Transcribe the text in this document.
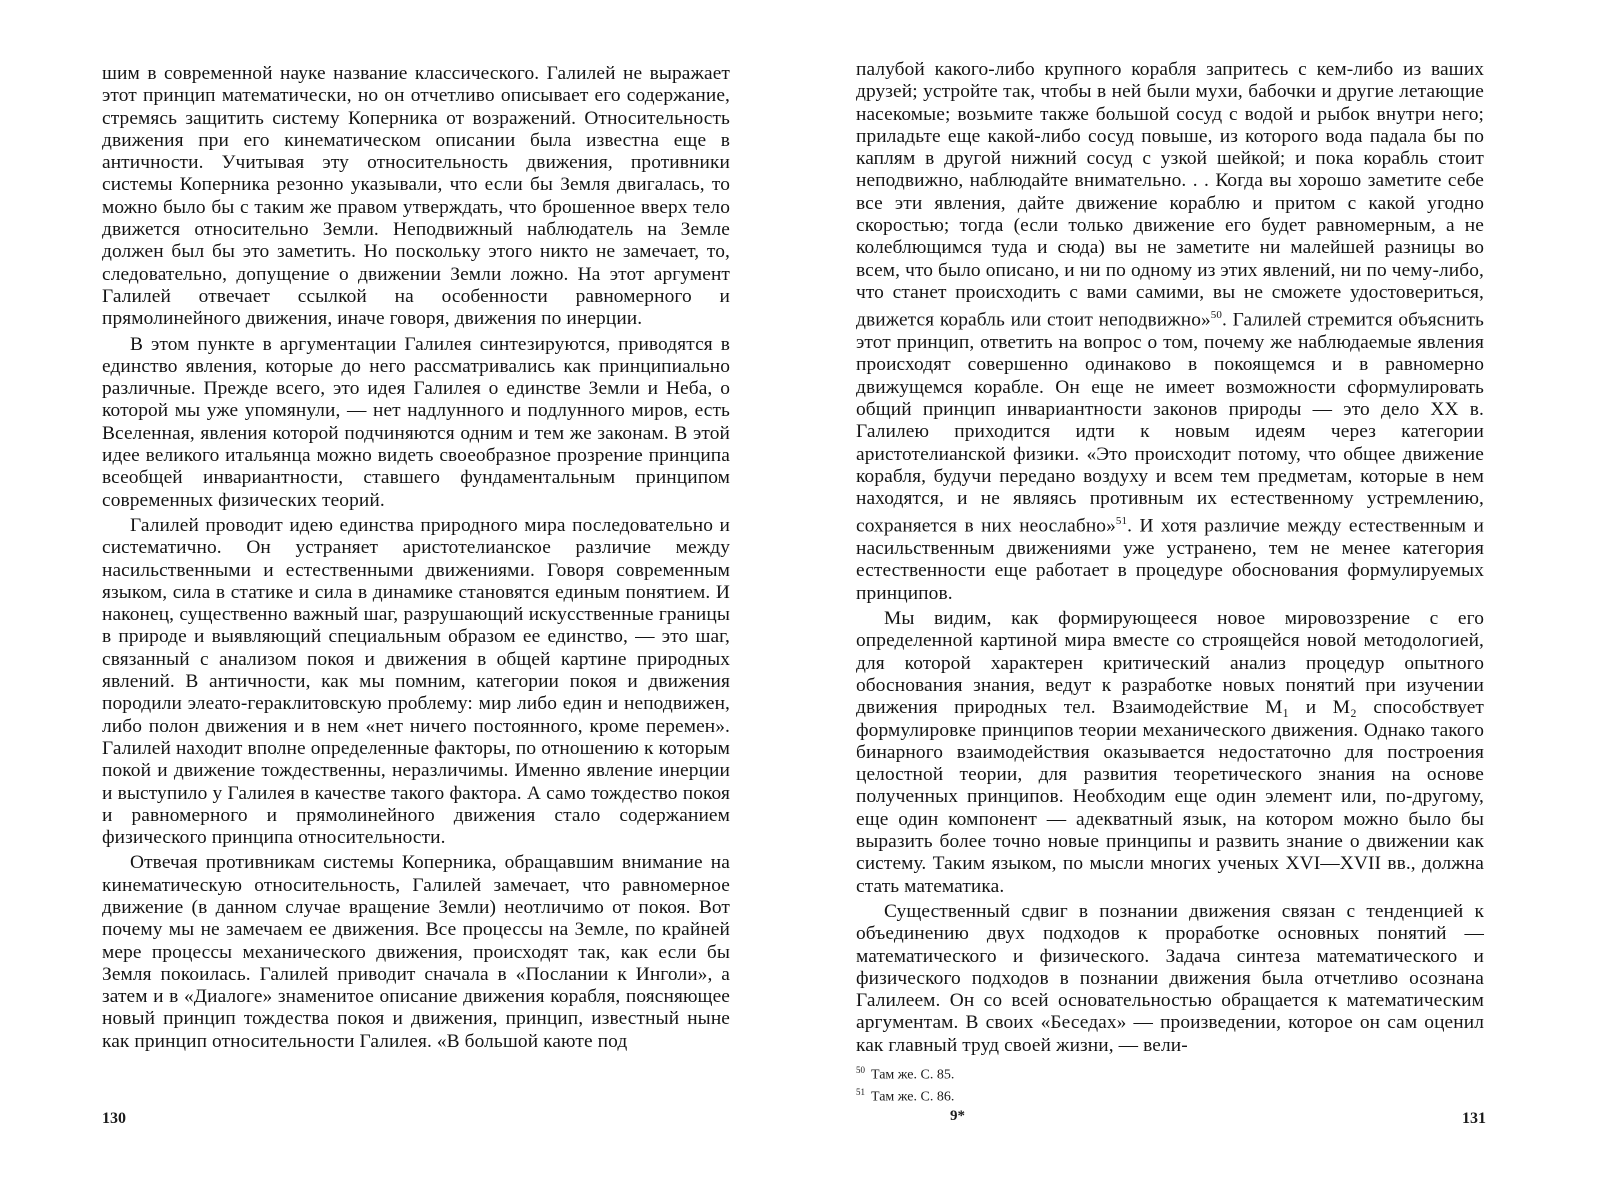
шим в современной науке название классического. Галилей не выражает этот принцип математически, но он отчетливо описывает его содержание, стремясь защитить систему Коперника от возражений. Относительность движения при его кинематическом описании была известна еще в античности. Учитывая эту относительность движения, противники системы Коперника резонно указывали, что если бы Земля двигалась, то можно было бы с таким же правом утверждать, что брошенное вверх тело движется относительно Земли. Неподвижный наблюдатель на Земле должен был бы это заметить. Но поскольку этого никто не замечает, то, следовательно, допущение о движении Земли ложно. На этот аргумент Галилей отвечает ссылкой на особенности равномерного и прямолинейного движения, иначе говоря, движения по инерции.

В этом пункте в аргументации Галилея синтезируются, приводятся в единство явления, которые до него рассматривались как принципиально различные. Прежде всего, это идея Галилея о единстве Земли и Неба, о которой мы уже упомянули, — нет надлунного и подлунного миров, есть Вселенная, явления которой подчиняются одним и тем же законам. В этой идее великого итальянца можно видеть своеобразное прозрение принципа всеобщей инвариантности, ставшего фундаментальным принципом современных физических теорий.

Галилей проводит идею единства природного мира последовательно и систематично. Он устраняет аристотелианское различие между насильственными и естественными движениями. Говоря современным языком, сила в статике и сила в динамике становятся единым понятием. И наконец, существенно важный шаг, разрушающий искусственные границы в природе и выявляющий специальным образом ее единство, — это шаг, связанный с анализом покоя и движения в общей картине природных явлений. В античности, как мы помним, категории покоя и движения породили элеато-гераклитовскую проблему: мир либо един и неподвижен, либо полон движения и в нем «нет ничего постоянного, кроме перемен». Галилей находит вполне определенные факторы, по отношению к которым покой и движение тождественны, неразличимы. Именно явление инерции и выступило у Галилея в качестве такого фактора. А само тождество покоя и равномерного и прямолинейного движения стало содержанием физического принципа относительности.

Отвечая противникам системы Коперника, обращавшим внимание на кинематическую относительность, Галилей замечает, что равномерное движение (в данном случае вращение Земли) неотличимо от покоя. Вот почему мы не замечаем ее движения. Все процессы на Земле, по крайней мере процессы механического движения, происходят так, как если бы Земля покоилась. Галилей приводит сначала в «Послании к Инголи», а затем и в «Диалоге» знаменитое описание движения корабля, поясняющее новый принцип тождества покоя и движения, принцип, известный ныне как принцип относительности Галилея. «В большой каюте под

130

палубой какого-либо крупного корабля запритесь с кем-либо из ваших друзей; устройте так, чтобы в ней были мухи, бабочки и другие летающие насекомые; возьмите также большой сосуд с водой и рыбок внутри него; приладьте еще какой-либо сосуд повыше, из которого вода падала бы по каплям в другой нижний сосуд с узкой шейкой; и пока корабль стоит неподвижно, наблюдайте внимательно. . . Когда вы хорошо заметите себе все эти явления, дайте движение кораблю и притом с какой угодно скоростью; тогда (если только движение его будет равномерным, а не колеблющимся туда и сюда) вы не заметите ни малейшей разницы во всем, что было описано, и ни по одному из этих явлений, ни по чему-либо, что станет происходить с вами самими, вы не сможете удостовериться, движется корабль или стоит неподвижно»$^{50}$. Галилей стремится объяснить этот принцип, ответить на вопрос о том, почему же наблюдаемые явления происходят совершенно одинаково в покоящемся и в равномерно движущемся корабле. Он еще не имеет возможности сформулировать общий принцип инвариантности законов природы — это дело XX в. Галилею приходится идти к новым идеям через категории аристотелианской физики. «Это происходит потому, что общее движение корабля, будучи передано воздуху и всем тем предметам, которые в нем находятся, и не являясь противным их естественному устремлению, сохраняется в них неослабно»$^{51}$. И хотя различие между естественным и насильственным движениями уже устранено, тем не менее категория естественности еще работает в процедуре обоснования формулируемых принципов.

Мы видим, как формирующееся новое мировоззрение с его определенной картиной мира вместе со строящейся новой методологией, для которой характерен критический анализ процедур опытного обоснования знания, ведут к разработке новых понятий при изучении движения природных тел. Взаимодействие M₁ и M₂ способствует формулировке принципов теории механического движения. Однако такого бинарного взаимодействия оказывается недостаточно для построения целостной теории, для развития теоретического знания на основе полученных принципов. Необходим еще один элемент или, по-другому, еще один компонент — адекватный язык, на котором можно было бы выразить более точно новые принципы и развить знание о движении как систему. Таким языком, по мысли многих ученых XVI—XVII вв., должна стать математика.

Существенный сдвиг в познании движения связан с тенденцией к объединению двух подходов к проработке основных понятий — математического и физического. Задача синтеза математического и физического подходов в познании движения была отчетливо осознана Галилеем. Он со всей основательностью обращается к математическим аргументам. В своих «Беседах» — произведении, которое он сам оценил как главный труд своей жизни, — вели-

$^{50}$ Там же. С. 85.

$^{51}$ Там же. С. 86.

9*	131
